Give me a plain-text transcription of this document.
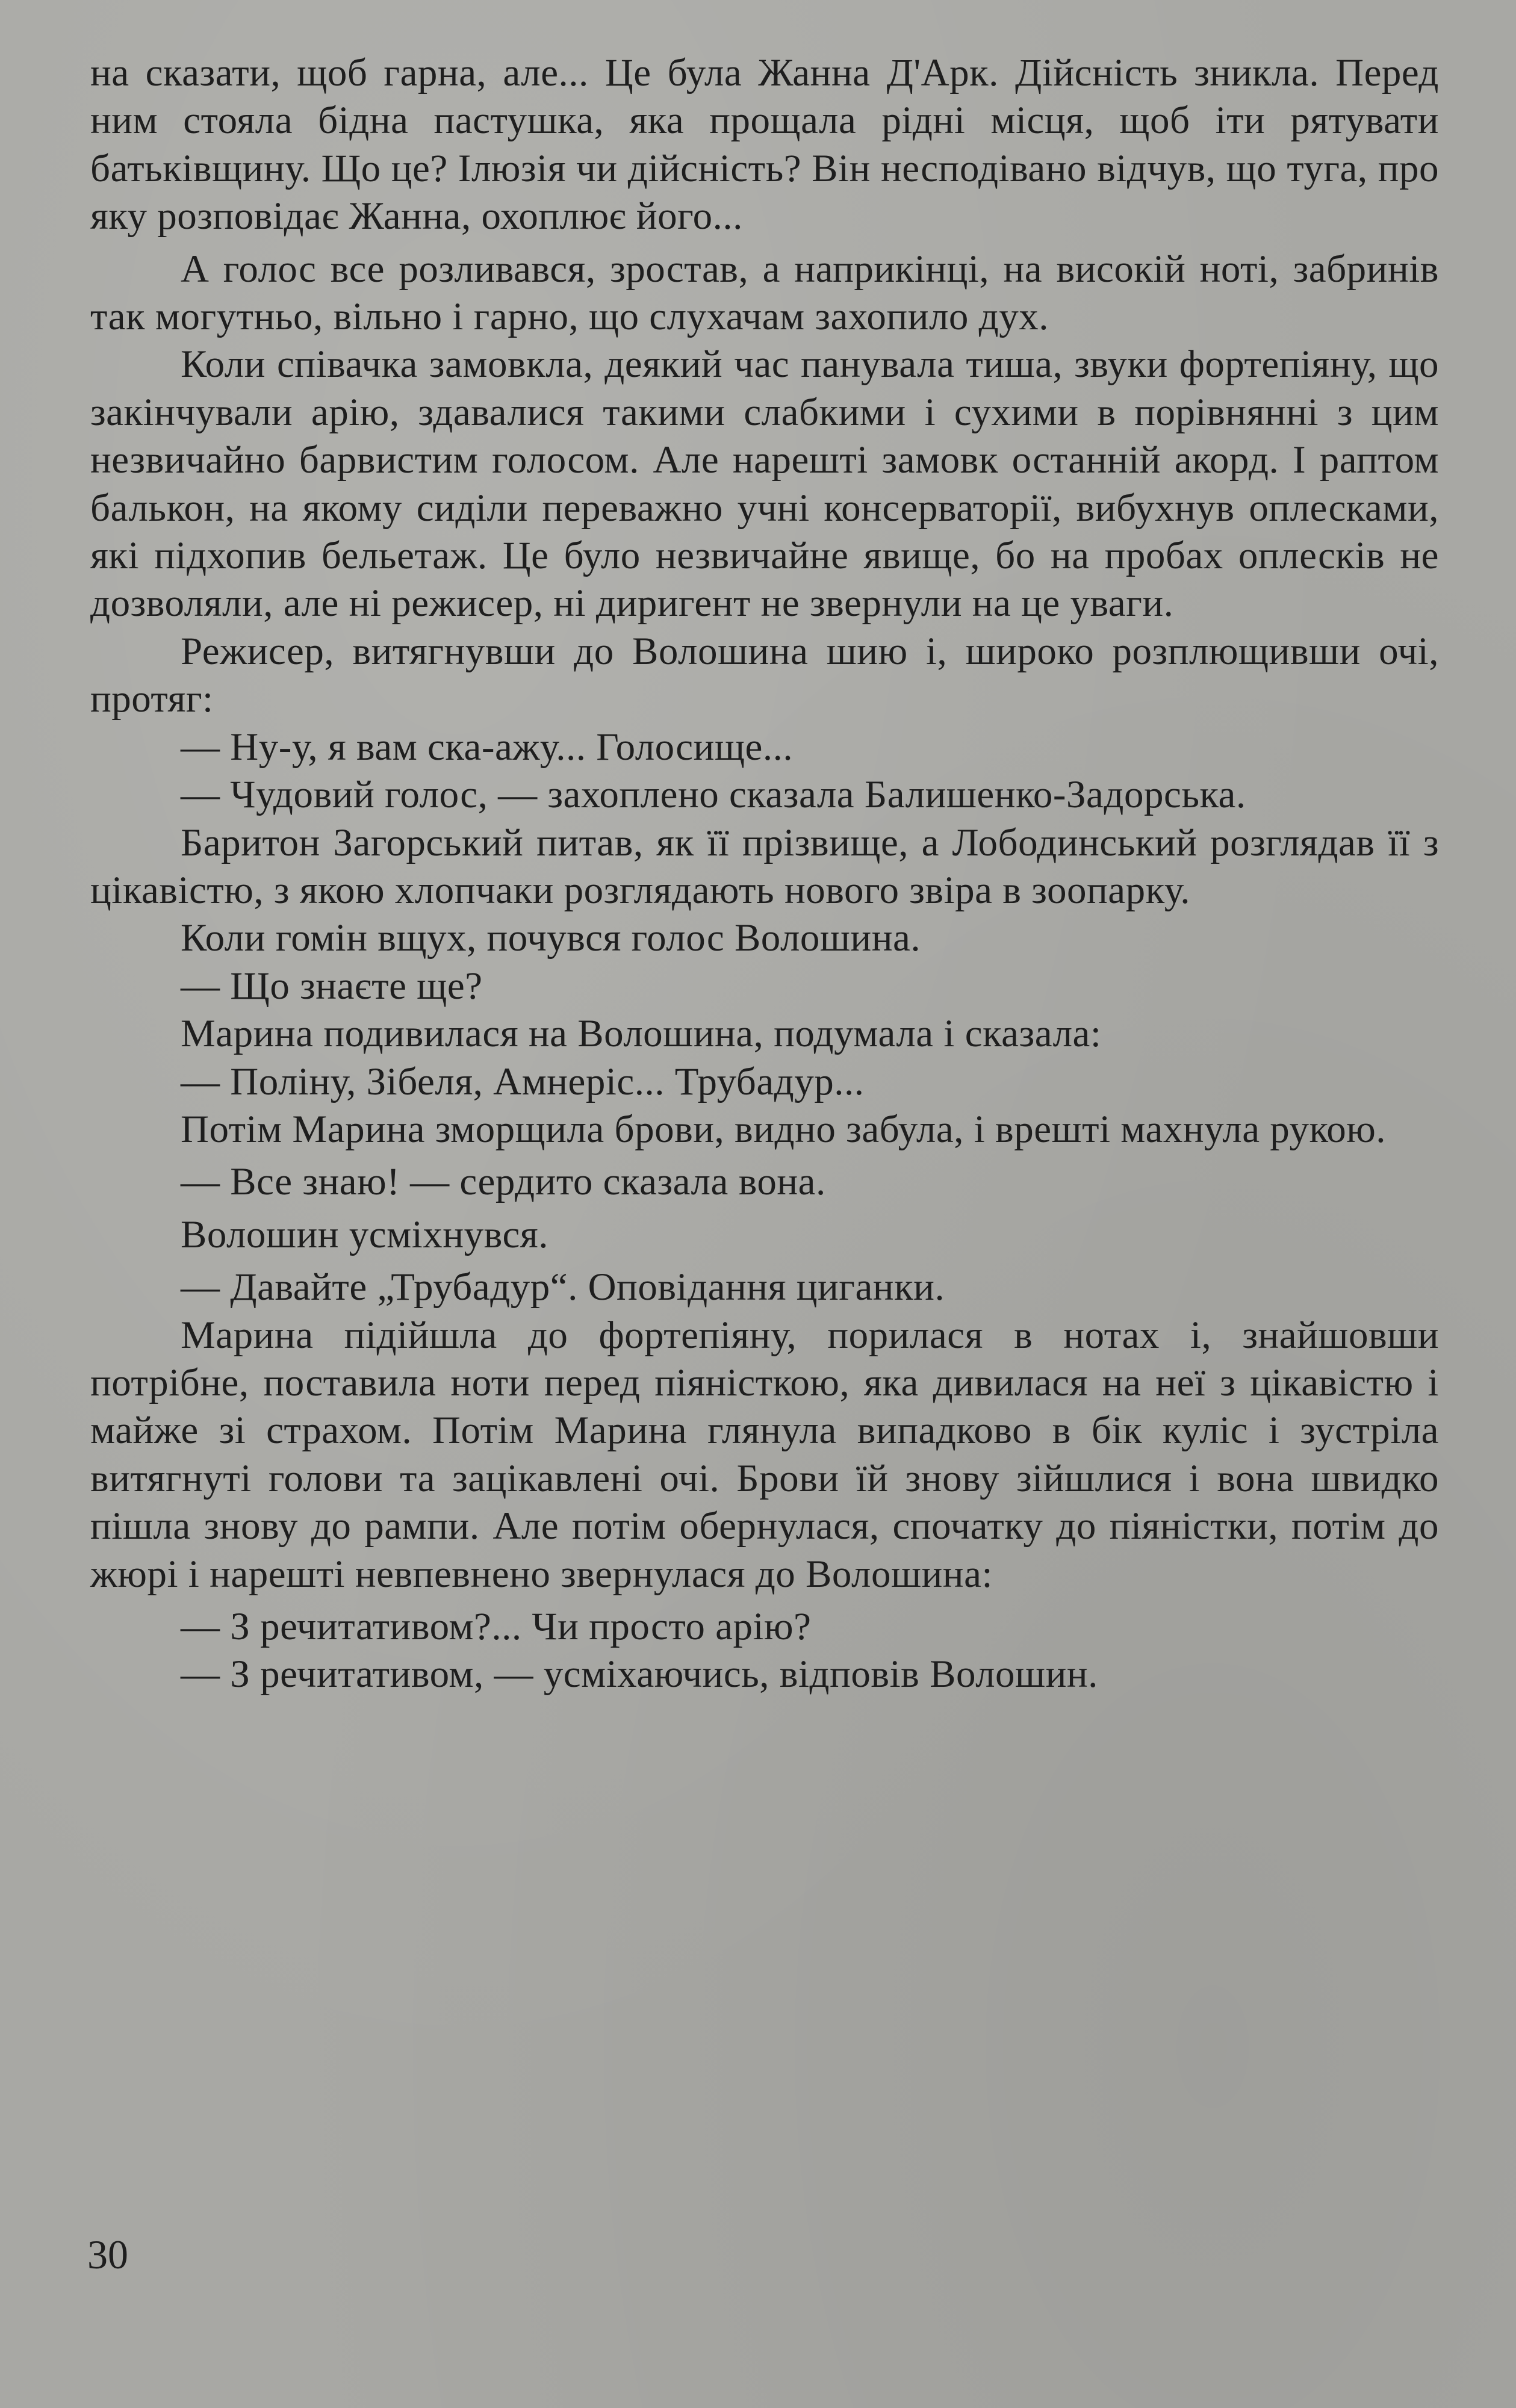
на сказати, щоб гарна, але... Це була Жанна Д'Арк. Дійсність зникла. Перед ним стояла бідна пастушка, яка прощала рідні місця, щоб іти рятувати батьківщину. Що це? Ілюзія чи дійсність? Він несподівано відчув, що туга, про яку розповідає Жанна, охоплює його...

А голос все розливався, зростав, а наприкінці, на високій ноті, забринів так могутньо, вільно і гарно, що слухачам захопило дух.

Коли співачка замовкла, деякий час панувала тиша, звуки фортепіяну, що закінчували арію, здавалися такими слабкими і сухими в порівнянні з цим незвичайно барвистим голосом. Але нарешті замовк останній акорд. І раптом балькон, на якому сиділи переважно учні консерваторії, вибухнув оплесками, які підхопив бельетаж. Це було незвичайне явище, бо на пробах оплесків не дозволяли, але ні режисер, ні диригент не звернули на це уваги.

Режисер, витягнувши до Волошина шию і, широко розплющивши очі, протяг:

— Ну-у, я вам ска-ажу... Голосище...

— Чудовий голос, — захоплено сказала Балишенко-Задорська.

Баритон Загорський питав, як її прізвище, а Лободинський розглядав її з цікавістю, з якою хлопчаки розглядають нового звіра в зоопарку.

Коли гомін вщух, почувся голос Волошина.

— Що знаєте ще?

Марина подивилася на Волошина, подумала і сказала:

— Поліну, Зібеля, Амнеріс... Трубадур...

Потім Марина зморщила брови, видно забула, і врешті махнула рукою.

— Все знаю! — сердито сказала вона.

Волошин усміхнувся.

— Давайте „Трубадур“. Оповідання циганки.

Марина підійшла до фортепіяну, порилася в нотах і, знайшовши потрібне, поставила ноти перед піяністкою, яка дивилася на неї з цікавістю і майже зі страхом. Потім Марина глянула випадково в бік куліс і зустріла витягнуті голови та зацікавлені очі. Брови їй знову зійшлися і вона швидко пішла знову до рампи. Але потім обернулася, спочатку до піяністки, потім до жюрі і нарешті невпевнено звернулася до Волошина:

— З речитативом?... Чи просто арію?

— З речитативом, — усміхаючись, відповів Волошин.

30
